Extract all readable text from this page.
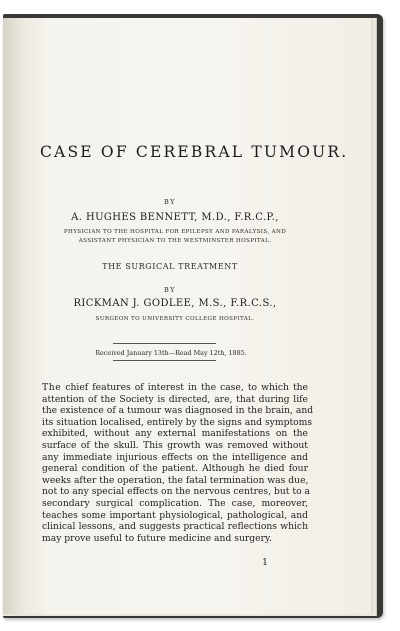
CASE OF CEREBRAL TUMOUR.
BY
A. HUGHES BENNETT, M.D., F.R.C.P.,
PHYSICIAN TO THE HOSPITAL FOR EPILEPSY AND PARALYSIS, AND
ASSISTANT PHYSICIAN TO THE WESTMINSTER HOSPITAL.
THE SURGICAL TREATMENT
BY
RICKMAN J. GODLEE, M.S., F.R.C.S.,
SURGEON TO UNIVERSITY COLLEGE HOSPITAL.
Received January 13th—Read May 12th, 1885.
The chief features of interest in the case, to which the
attention of the Society is directed, are, that during life
the existence of a tumour was diagnosed in the brain, and
its situation localised, entirely by the signs and symptoms
exhibited, without any external manifestations on the
surface of the skull. This growth was removed without
any immediate injurious effects on the intelligence and
general condition of the patient. Although he died four
weeks after the operation, the fatal termination was due,
not to any special effects on the nervous centres, but to a
secondary surgical complication. The case, moreover,
teaches some important physiological, pathological, and
clinical lessons, and suggests practical reflections which
may prove useful to future medicine and surgery.
1
